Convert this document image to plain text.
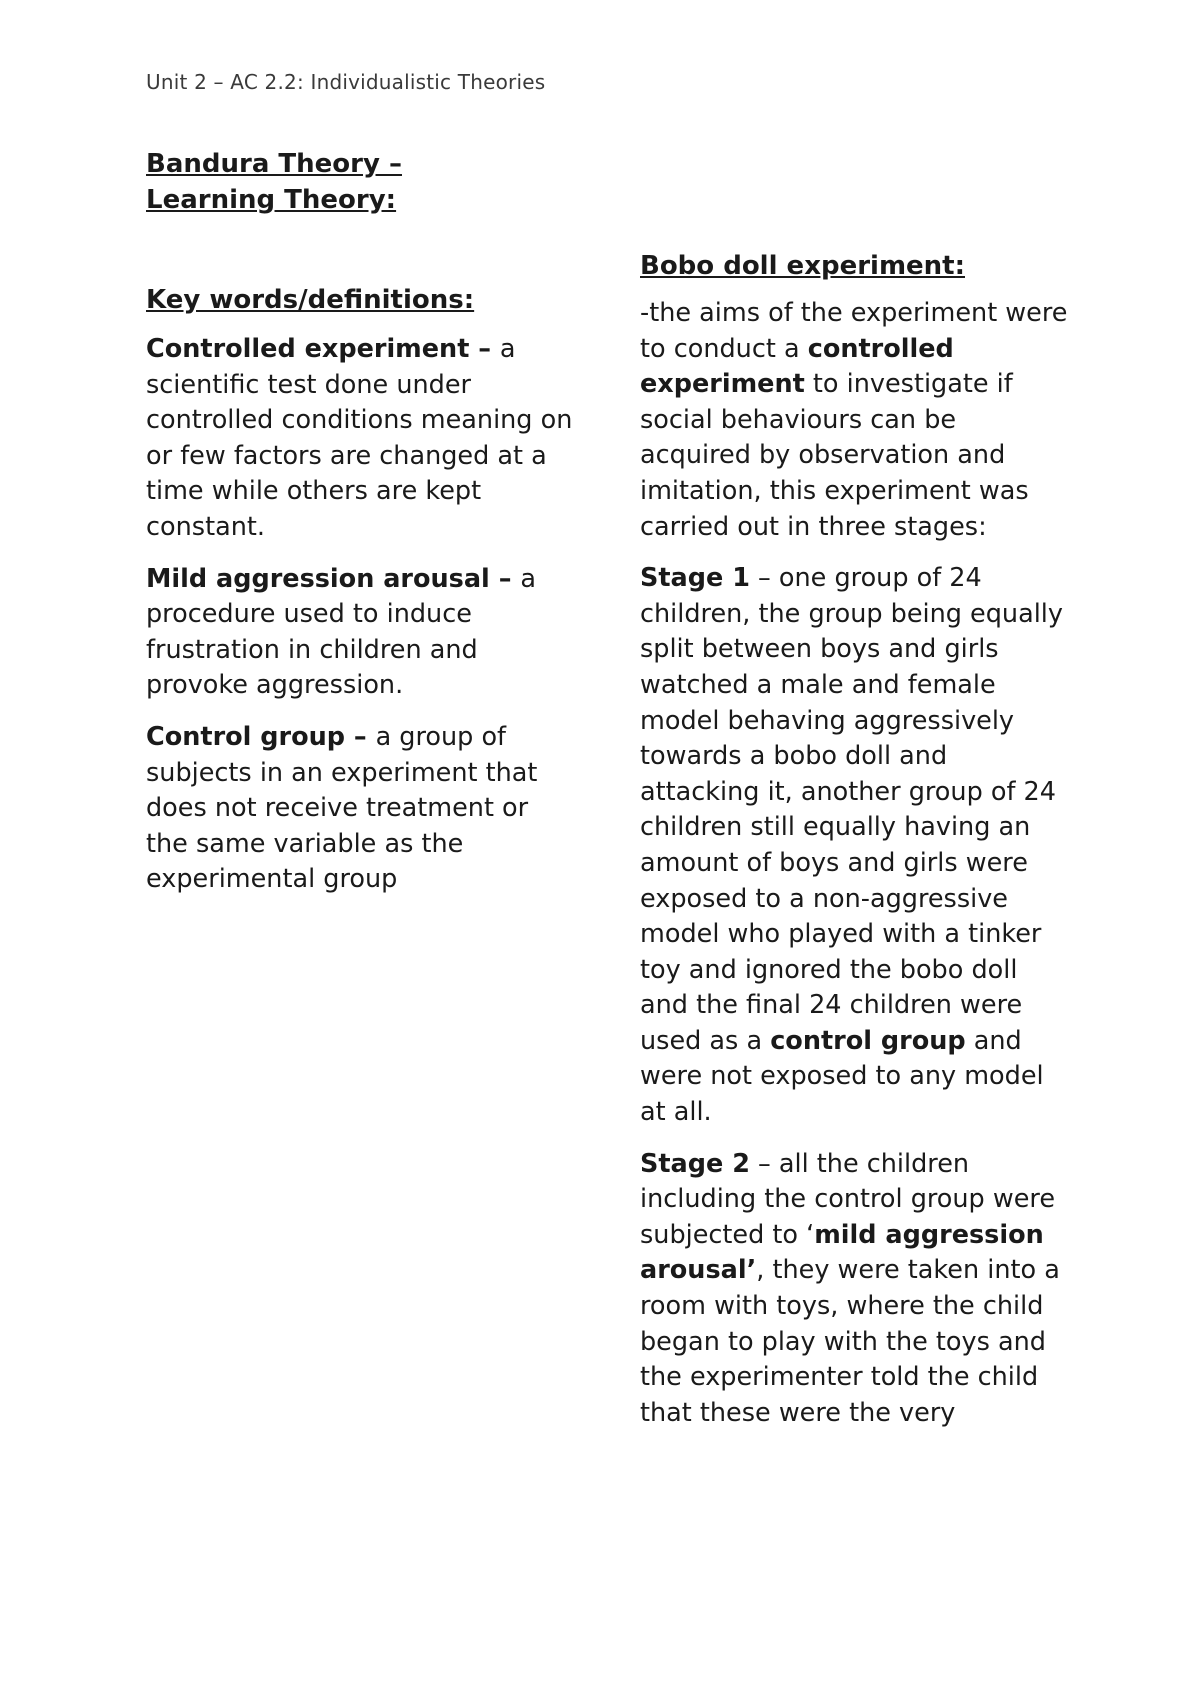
Unit 2 – AC 2.2: Individualistic Theories
Bandura Theory –
Learning Theory:
Key words/definitions:

Controlled experiment – a scientific test done under controlled conditions meaning on or few factors are changed at a time while others are kept constant.

Mild aggression arousal – a procedure used to induce frustration in children and provoke aggression.

Control group – a group of subjects in an experiment that does not receive treatment or the same variable as the experimental group

Bobo doll experiment:

-the aims of the experiment were to conduct a controlled experiment to investigate if social behaviours can be acquired by observation and imitation, this experiment was carried out in three stages:

Stage 1 – one group of 24 children, the group being equally split between boys and girls watched a male and female model behaving aggressively towards a bobo doll and attacking it, another group of 24 children still equally having an amount of boys and girls were exposed to a non-aggressive model who played with a tinker toy and ignored the bobo doll and the final 24 children were used as a control group and were not exposed to any model at all.

Stage 2 – all the children including the control group were subjected to ‘mild aggression arousal’, they were taken into a room with toys, where the child began to play with the toys and the experimenter told the child that these were the very
